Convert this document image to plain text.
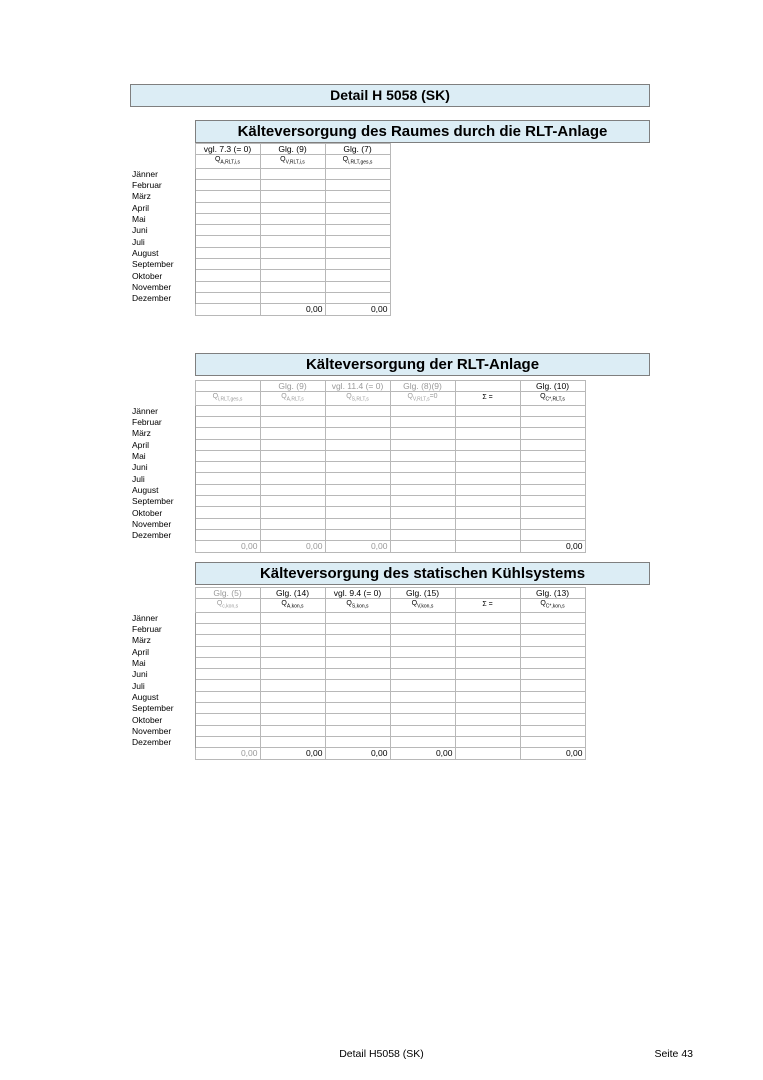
Detail H 5058 (SK)
Kälteversorgung des Raumes durch die RLT-Anlage
	vgl. 7.3 (= 0)	Glg. (9)	Glg. (7)
	$Q_{A,RLT,i,s}$	$Q_{V,RLT,i,s}$	$Q_{i,RLT,ges,s}$
Jänner			
Februar			
März			
April			
Mai			
Juni			
Juli			
August			
September			
Oktober			
November			
Dezember			
		0,00	0,00
Kälteversorgung der RLT-Anlage
		Glg. (9)	vgl. 11.4 (= 0)	Glg. (8)(9)		Glg. (10)
	$Q_{i,RLT,ges,s}$	$Q_{A,RLT,s}$	$Q_{S,RLT,s}$	$Q_{V,RLT,s}=0$	Σ =	$Q_{C*,RLT,s}$
Jänner						
Februar						
März						
April						
Mai						
Juni						
Juli						
August						
September						
Oktober						
November						
Dezember						
	0,00	0,00	0,00			0,00
Kälteversorgung des statischen Kühlsystems
	Glg. (5)	Glg. (14)	vgl. 9.4 (= 0)	Glg. (15)		Glg. (13)
	$Q_{c,kon,s}$	$Q_{A,kon,s}$	$Q_{S,kon,s}$	$Q_{V,kon,s}$	Σ =	$Q_{C*,kon,s}$
Jänner						
Februar						
März						
April						
Mai						
Juni						
Juli						
August						
September						
Oktober						
November						
Dezember						
	0,00	0,00	0,00	0,00		0,00
Detail H5058 (SK)	Seite 43
